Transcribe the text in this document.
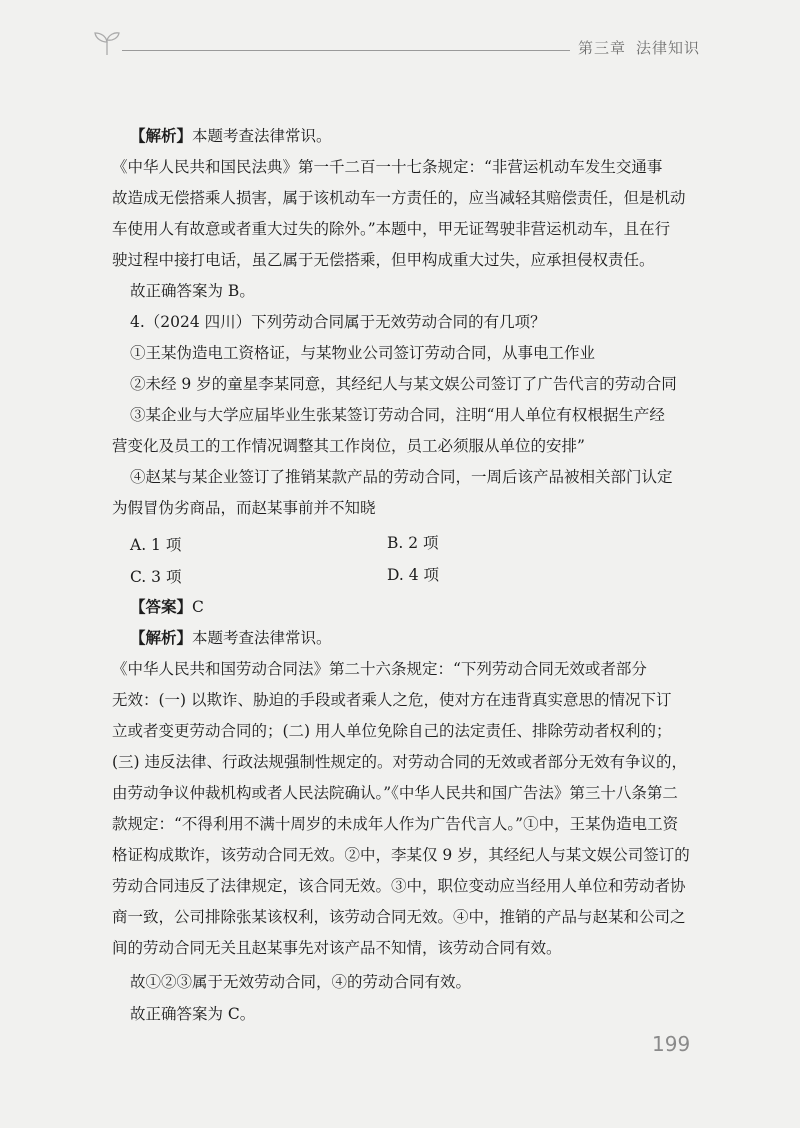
第三章 法律知识
【解析】本题考查法律常识。
《中华人民共和国民法典》第一千二百一十七条规定：“非营运机动车发生交通事
故造成无偿搭乘人损害，属于该机动车一方责任的，应当减轻其赔偿责任，但是机动
车使用人有故意或者重大过失的除外。”本题中，甲无证驾驶非营运机动车，且在行
驶过程中接打电话，虽乙属于无偿搭乘，但甲构成重大过失，应承担侵权责任。
故正确答案为 B。
4.（2024 四川）下列劳动合同属于无效劳动合同的有几项？
①王某伪造电工资格证，与某物业公司签订劳动合同，从事电工作业
②未经 9 岁的童星李某同意，其经纪人与某文娱公司签订了广告代言的劳动合同
③某企业与大学应届毕业生张某签订劳动合同，注明“用人单位有权根据生产经
营变化及员工的工作情况调整其工作岗位，员工必须服从单位的安排”
④赵某与某企业签订了推销某款产品的劳动合同，一周后该产品被相关部门认定
为假冒伪劣商品，而赵某事前并不知晓
A. 1 项	B. 2 项
C. 3 项	D. 4 项
【答案】C
【解析】本题考查法律常识。
《中华人民共和国劳动合同法》第二十六条规定：“下列劳动合同无效或者部分
无效：(一) 以欺诈、胁迫的手段或者乘人之危，使对方在违背真实意思的情况下订
立或者变更劳动合同的；(二) 用人单位免除自己的法定责任、排除劳动者权利的；
(三) 违反法律、行政法规强制性规定的。对劳动合同的无效或者部分无效有争议的，
由劳动争议仲裁机构或者人民法院确认。”《中华人民共和国广告法》第三十八条第二
款规定：“不得利用不满十周岁的未成年人作为广告代言人。”①中，王某伪造电工资
格证构成欺诈，该劳动合同无效。②中，李某仅 9 岁，其经纪人与某文娱公司签订的
劳动合同违反了法律规定，该合同无效。③中，职位变动应当经用人单位和劳动者协
商一致，公司排除张某该权利，该劳动合同无效。④中，推销的产品与赵某和公司之
间的劳动合同无关且赵某事先对该产品不知情，该劳动合同有效。
故①②③属于无效劳动合同，④的劳动合同有效。
故正确答案为 C。
199
